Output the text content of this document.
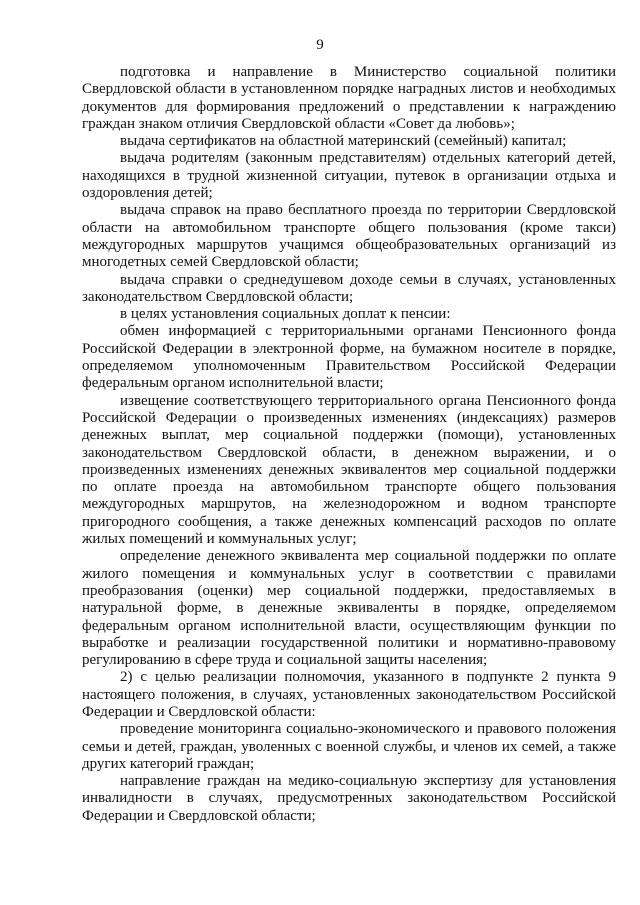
9

подготовка и направление в Министерство социальной политики Свердловской области в установленном порядке наградных листов и необходимых документов для формирования предложений о представлении к награждению граждан знаком отличия Свердловской области «Совет да любовь»;

выдача сертификатов на областной материнский (семейный) капитал;

выдача родителям (законным представителям) отдельных категорий детей, находящихся в трудной жизненной ситуации, путевок в организации отдыха и оздоровления детей;

выдача справок на право бесплатного проезда по территории Свердловской области на автомобильном транспорте общего пользования (кроме такси) междугородных маршрутов учащимся общеобразовательных организаций из многодетных семей Свердловской области;

выдача справки о среднедушевом доходе семьи в случаях, установленных законодательством Свердловской области;

в целях установления социальных доплат к пенсии:

обмен информацией с территориальными органами Пенсионного фонда Российской Федерации в электронной форме, на бумажном носителе в порядке, определяемом уполномоченным Правительством Российской Федерации федеральным органом исполнительной власти;

извещение соответствующего территориального органа Пенсионного фонда Российской Федерации о произведенных изменениях (индексациях) размеров денежных выплат, мер социальной поддержки (помощи), установленных законодательством Свердловской области, в денежном выражении, и о произведенных изменениях денежных эквивалентов мер социальной поддержки по оплате проезда на автомобильном транспорте общего пользования междугородных маршрутов, на железнодорожном и водном транспорте пригородного сообщения, а также денежных компенсаций расходов по оплате жилых помещений и коммунальных услуг;

определение денежного эквивалента мер социальной поддержки по оплате жилого помещения и коммунальных услуг в соответствии с правилами преобразования (оценки) мер социальной поддержки, предоставляемых в натуральной форме, в денежные эквиваленты в порядке, определяемом федеральным органом исполнительной власти, осуществляющим функции по выработке и реализации государственной политики и нормативно-правовому регулированию в сфере труда и социальной защиты населения;

2) с целью реализации полномочия, указанного в подпункте 2 пункта 9 настоящего положения, в случаях, установленных законодательством Российской Федерации и Свердловской области:

проведение мониторинга социально-экономического и правового положения семьи и детей, граждан, уволенных с военной службы, и членов их семей, а также других категорий граждан;

направление граждан на медико-социальную экспертизу для установления инвалидности в случаях, предусмотренных законодательством Российской Федерации и Свердловской области;
